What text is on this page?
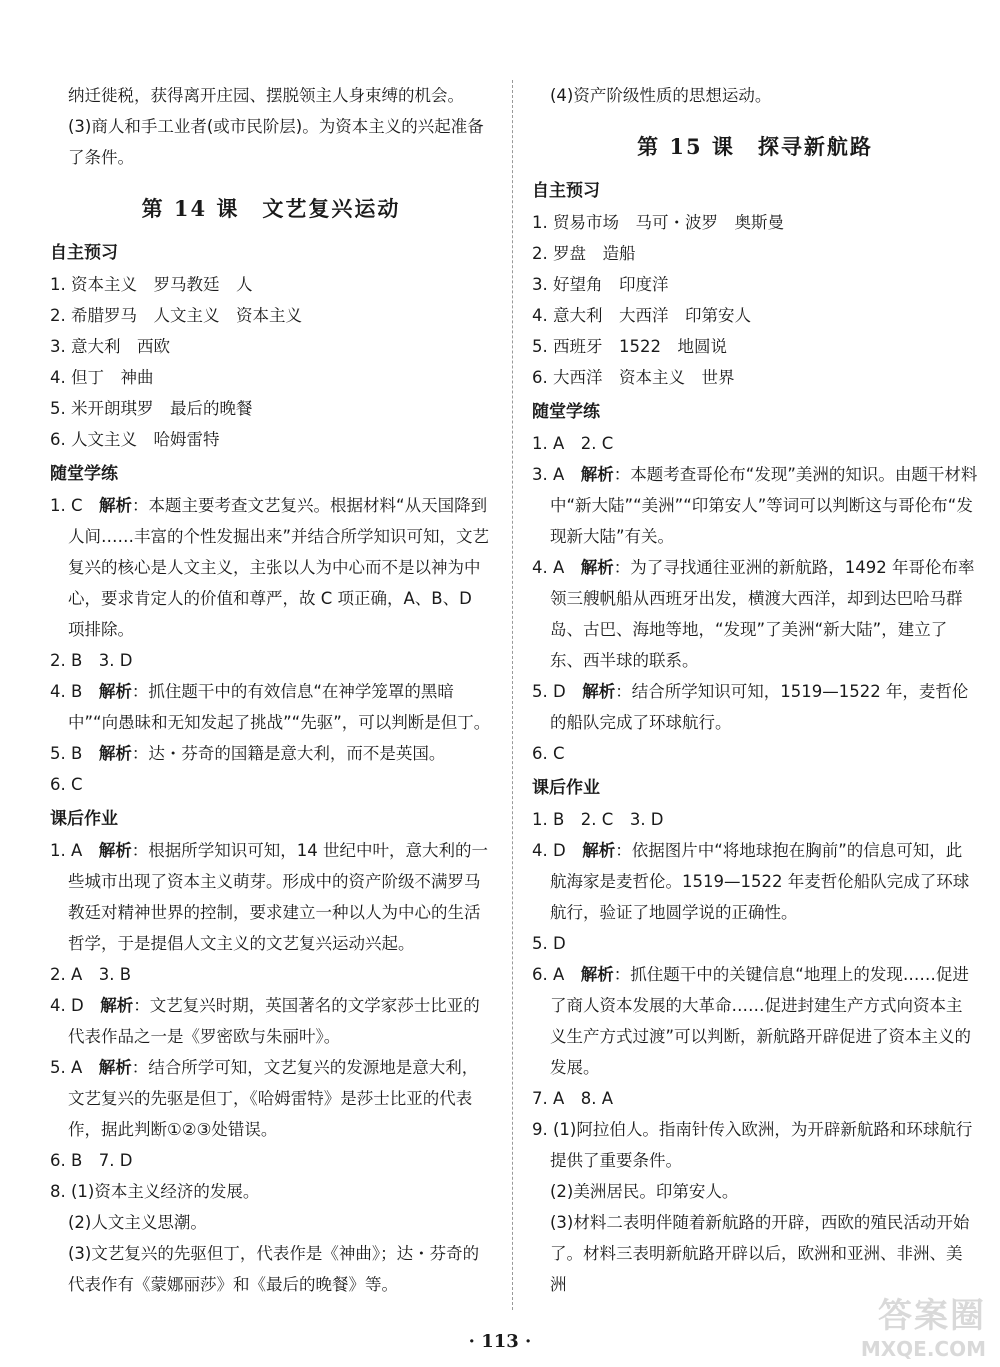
纳迁徙税，获得离开庄园、摆脱领主人身束缚的机会。
(3)商人和手工业者(或市民阶层)。为资本主义的兴起准备了条件。
第 14 课　文艺复兴运动
自主预习
1. 资本主义　罗马教廷　人
2. 希腊罗马　人文主义　资本主义
3. 意大利　西欧
4. 但丁　神曲
5. 米开朗琪罗　最后的晚餐
6. 人文主义　哈姆雷特
随堂学练
1. C　 解析：本题主要考查文艺复兴。根据材料“从天国降到人间……丰富的个性发掘出来”并结合所学知识可知，文艺复兴的核心是人文主义，主张以人为中心而不是以神为中心，要求肯定人的价值和尊严，故 C 项正确，A、B、D 项排除。
2. B　3. D
4. B　 解析：抓住题干中的有效信息“在神学笼罩的黑暗中”“向愚昧和无知发起了挑战”“先驱”，可以判断是但丁。
5. B　 解析：达・芬奇的国籍是意大利，而不是英国。
6. C
课后作业
1. A　 解析：根据所学知识可知，14 世纪中叶，意大利的一些城市出现了资本主义萌芽。形成中的资产阶级不满罗马教廷对精神世界的控制，要求建立一种以人为中心的生活哲学，于是提倡人文主义的文艺复兴运动兴起。
2. A　3. B
4. D　 解析：文艺复兴时期，英国著名的文学家莎士比亚的代表作品之一是《罗密欧与朱丽叶》。
5. A　 解析：结合所学可知，文艺复兴的发源地是意大利，文艺复兴的先驱是但丁，《哈姆雷特》是莎士比亚的代表作，据此判断①②③处错误。
6. B　7. D
8. (1)资本主义经济的发展。
(2)人文主义思潮。
(3)文艺复兴的先驱但丁，代表作是《神曲》；达・芬奇的代表作有《蒙娜丽莎》和《最后的晚餐》等。
(4)资产阶级性质的思想运动。
第 15 课　探寻新航路
自主预习
1. 贸易市场　马可・波罗　奥斯曼
2. 罗盘　造船
3. 好望角　印度洋
4. 意大利　大西洋　印第安人
5. 西班牙　1522　地圆说
6. 大西洋　资本主义　世界
随堂学练
1. A　2. C
3. A　 解析：本题考查哥伦布“发现”美洲的知识。由题干材料中“新大陆”“美洲”“印第安人”等词可以判断这与哥伦布“发现新大陆”有关。
4. A　 解析：为了寻找通往亚洲的新航路，1492 年哥伦布率领三艘帆船从西班牙出发，横渡大西洋，却到达巴哈马群岛、古巴、海地等地，“发现”了美洲“新大陆”，建立了东、西半球的联系。
5. D　 解析：结合所学知识可知，1519—1522 年，麦哲伦的船队完成了环球航行。
6. C
课后作业
1. B　2. C　3. D
4. D　 解析：依据图片中“将地球抱在胸前”的信息可知，此航海家是麦哲伦。1519—1522 年麦哲伦船队完成了环球航行，验证了地圆学说的正确性。
5. D
6. A　 解析：抓住题干中的关键信息“地理上的发现……促进了商人资本发展的大革命……促进封建生产方式向资本主义生产方式过渡”可以判断，新航路开辟促进了资本主义的发展。
7. A　8. A
9. (1)阿拉伯人。指南针传入欧洲，为开辟新航路和环球航行提供了重要条件。
(2)美洲居民。印第安人。
(3)材料二表明伴随着新航路的开辟，西欧的殖民活动开始了。材料三表明新航路开辟以后，欧洲和亚洲、非洲、美洲
· 113 ·
答案圈
MXQE.COM
